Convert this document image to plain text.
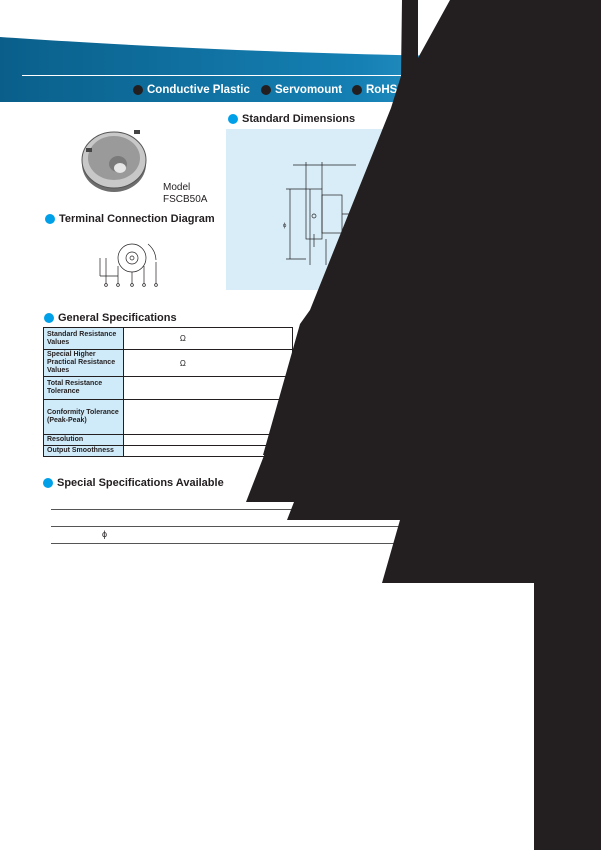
Conductive Plastic Servomount RoHS
Model
FSCB50A
Standard Dimensions
ϕ
Terminal Connection Diagram
General Specifications
Standard Resistance Values	Ω
Special Higher Practical Resistance Values	Ω
Total Resistance Tolerance	
Conformity Tolerance (Peak-Peak)	
Resolution	
Output Smoothness	
Special Specifications Available
ϕ
